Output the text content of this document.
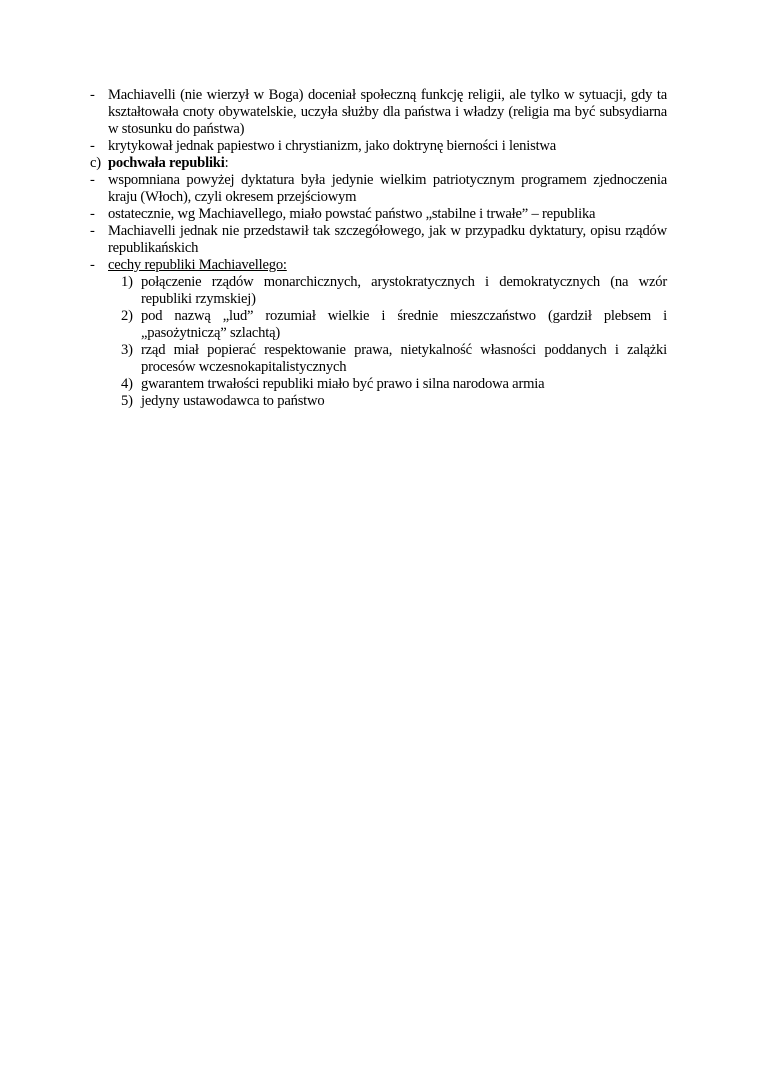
- Machiavelli (nie wierzył w Boga) doceniał społeczną funkcję religii, ale tylko w sytuacji, gdy ta kształtowała cnoty obywatelskie, uczyła służby dla państwa i władzy (religia ma być subsydiarna w stosunku do państwa)
- krytykował jednak papiestwo i chrystianizm, jako doktrynę bierności i lenistwa
c) pochwała republiki:
- wspomniana powyżej dyktatura była jedynie wielkim patriotycznym programem zjednoczenia kraju (Włoch), czyli okresem przejściowym
- ostatecznie, wg Machiavellego, miało powstać państwo „stabilne i trwałe” – republika
- Machiavelli jednak nie przedstawił tak szczegółowego, jak w przypadku dyktatury, opisu rządów republikańskich
- cechy republiki Machiavellego:
1) połączenie rządów monarchicznych, arystokratycznych i demokratycznych (na wzór republiki rzymskiej)
2) pod nazwą „lud” rozumiał wielkie i średnie mieszczaństwo (gardził plebsem i „pasożytniczą” szlachtą)
3) rząd miał popierać respektowanie prawa, nietykalność własności poddanych i zalążki procesów wczesnokapitalistycznych
4) gwarantem trwałości republiki miało być prawo i silna narodowa armia
5) jedyny ustawodawca to państwo
